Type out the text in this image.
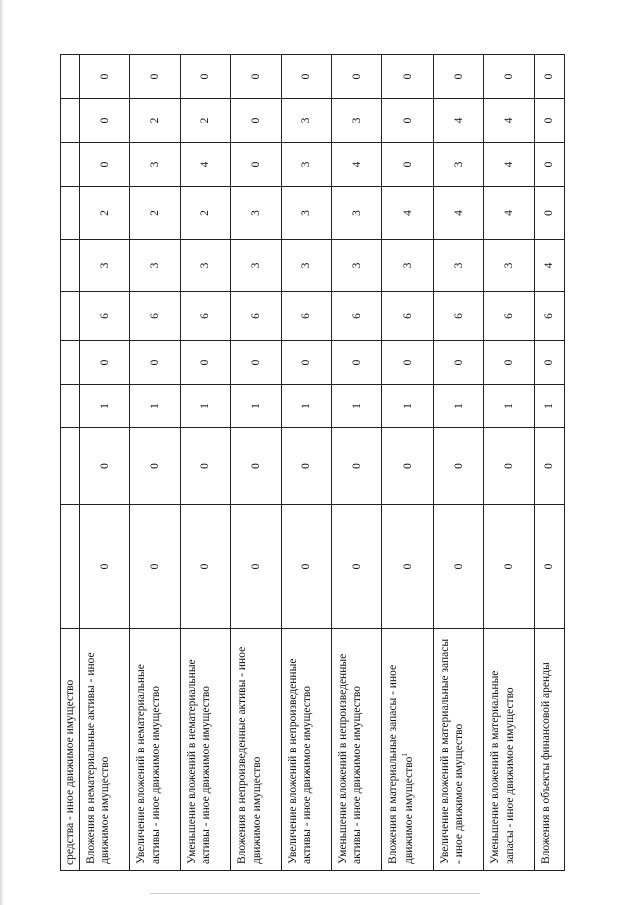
средства - иное движимое имущество										
Вложения в нематериальные активы - иное движимое имущество	0	0	1	0	6	3	2	0	0	0
Увеличение вложений в нематериальные активы - иное движимое имущество	0	0	1	0	6	3	2	3	2	0
Уменьшение вложений в нематериальные активы - иное движимое имущество	0	0	1	0	6	3	2	4	2	0
Вложения в непроизведенные активы - иное движимое имущество	0	0	1	0	6	3	3	0	0	0
Увеличение вложений в непроизведенные активы - иное движимое имущество	0	0	1	0	6	3	3	3	3	0
Уменьшение вложений в непроизведенные активы - иное движимое имущество	0	0	1	0	6	3	3	4	3	0
Вложения в материальные запасы - иное движимое имущество$^1$	0	0	1	0	6	3	4	0	0	0
Увеличение вложений в материальные запасы - иное движимое имущество	0	0	1	0	6	3	4	3	4	0
Уменьшение вложений в материальные запасы - иное движимое имущество	0	0	1	0	6	3	4	4	4	0
Вложения в объекты финансовой аренды	0	0	1	0	6	4	0	0	0	0
